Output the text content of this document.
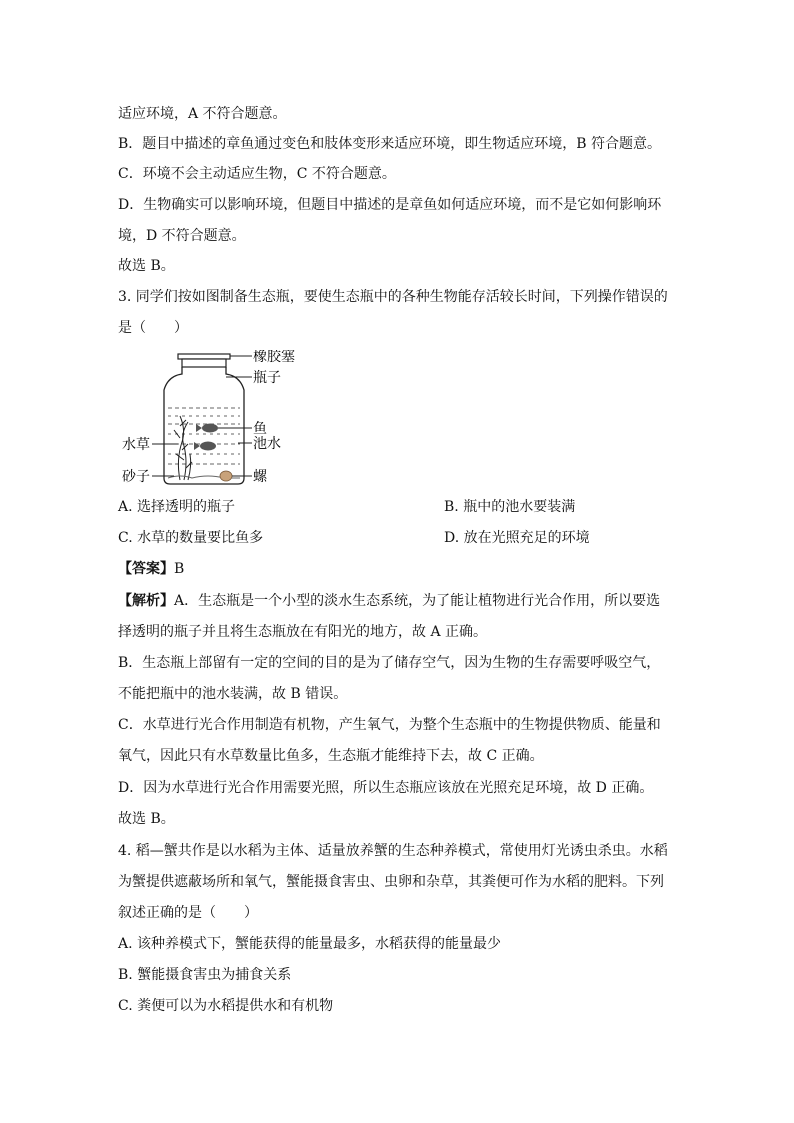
适应环境，A 不符合题意。
B．题目中描述的章鱼通过变色和肢体变形来适应环境，即生物适应环境，B 符合题意。
C．环境不会主动适应生物，C 不符合题意。
D．生物确实可以影响环境，但题目中描述的是章鱼如何适应环境，而不是它如何影响环
境，D 不符合题意。
故选 B。
3. 同学们按如图制备生态瓶，要使生态瓶中的各种生物能存活较长时间，下列操作错误的
是（　　）
橡胶塞
瓶子
鱼
池水
螺
水草
砂子
A. 选择透明的瓶子	B. 瓶中的池水要装满
C. 水草的数量要比鱼多	D. 放在光照充足的环境
【答案】B
【解析】A．生态瓶是一个小型的淡水生态系统，为了能让植物进行光合作用，所以要选
择透明的瓶子并且将生态瓶放在有阳光的地方，故 A 正确。
B．生态瓶上部留有一定的空间的目的是为了储存空气，因为生物的生存需要呼吸空气，
不能把瓶中的池水装满，故 B 错误。
C．水草进行光合作用制造有机物，产生氧气，为整个生态瓶中的生物提供物质、能量和
氧气，因此只有水草数量比鱼多，生态瓶才能维持下去，故 C 正确。
D．因为水草进行光合作用需要光照，所以生态瓶应该放在光照充足环境，故 D 正确。
故选 B。
4. 稻—蟹共作是以水稻为主体、适量放养蟹的生态种养模式，常使用灯光诱虫杀虫。水稻
为蟹提供遮蔽场所和氧气，蟹能摄食害虫、虫卵和杂草，其粪便可作为水稻的肥料。下列
叙述正确的是（　　）
A. 该种养模式下，蟹能获得的能量最多，水稻获得的能量最少
B. 蟹能摄食害虫为捕食关系
C. 粪便可以为水稻提供水和有机物
